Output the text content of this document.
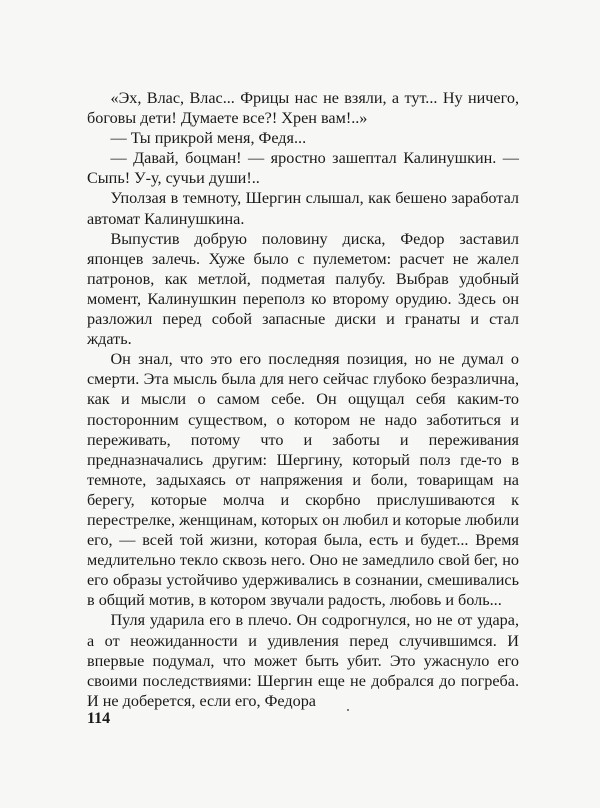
«Эх, Влас, Влас... Фрицы нас не взяли, а тут... Ну ничего, боговы дети! Думаете все?! Хрен вам!..»

— Ты прикрой меня, Федя...

— Давай, боцман! — яростно зашептал Калинушкин. — Сыпь! У-у, сучьи души!..

Уползая в темноту, Шергин слышал, как бешено заработал автомат Калинушкина.

Выпустив добрую половину диска, Федор заставил японцев залечь. Хуже было с пулеметом: расчет не жалел патронов, как метлой, подметая палубу. Выбрав удобный момент, Калинушкин переполз ко второму орудию. Здесь он разложил перед собой запасные диски и гранаты и стал ждать.

Он знал, что это его последняя позиция, но не думал о смерти. Эта мысль была для него сейчас глубоко безразлична, как и мысли о самом себе. Он ощущал себя каким-то посторонним существом, о котором не надо заботиться и переживать, потому что и заботы и переживания предназначались другим: Шергину, который полз где-то в темноте, задыхаясь от напряжения и боли, товарищам на берегу, которые молча и скорбно прислушиваются к перестрелке, женщинам, которых он любил и которые любили его, — всей той жизни, которая была, есть и будет... Время медлительно текло сквозь него. Оно не замедлило свой бег, но его образы устойчиво удерживались в сознании, смешивались в общий мотив, в котором звучали радость, любовь и боль...

Пуля ударила его в плечо. Он содрогнулся, но не от удара, а от неожиданности и удивления перед случившимся. И впервые подумал, что может быть убит. Это ужаснуло его своими последствиями: Шергин еще не добрался до погреба. И не доберется, если его, Федора

114
